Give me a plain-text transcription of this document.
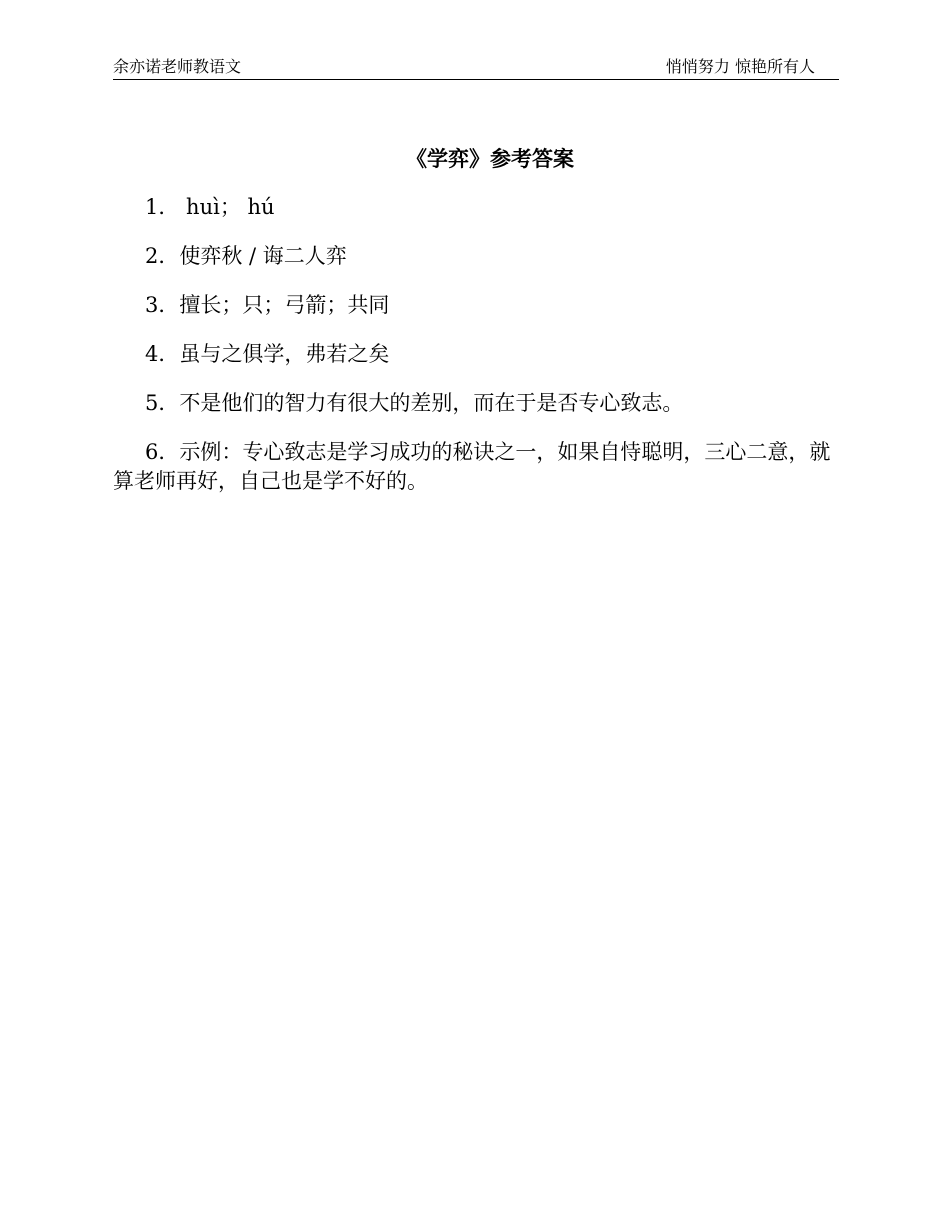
余亦诺老师教语文	悄悄努力 惊艳所有人
《学弈》参考答案

1． huì； hú

2．使弈秋 / 诲二人弈

3．擅长；只；弓箭；共同

4．虽与之俱学，弗若之矣

5．不是他们的智力有很大的差别，而在于是否专心致志。

6．示例：专心致志是学习成功的秘诀之一，如果自恃聪明，三心二意，就算老师再好，自己也是学不好的。
